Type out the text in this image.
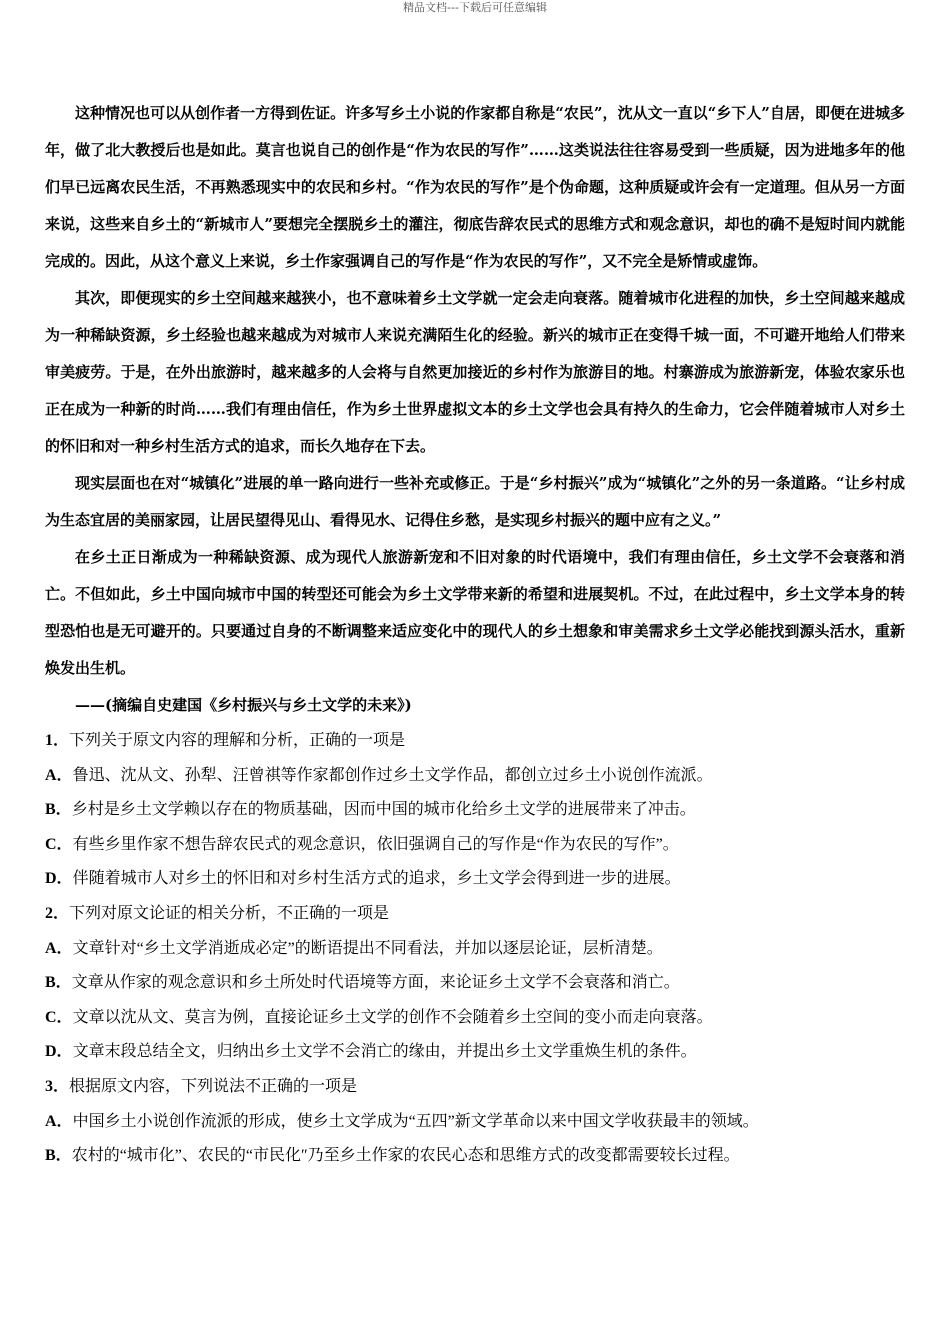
精品文档---下载后可任意编辑

这种情况也可以从创作者一方得到佐证。许多写乡土小说的作家都自称是“农民”，沈从文一直以“乡下人”自居，即便在进城多年，做了北大教授后也是如此。莫言也说自己的创作是“作为农民的写作”……这类说法往往容易受到一些质疑，因为进地多年的他们早已远离农民生活，不再熟悉现实中的农民和乡村。“作为农民的写作”是个伪命题，这种质疑或许会有一定道理。但从另一方面来说，这些来自乡土的“新城市人”要想完全摆脱乡土的灌注，彻底告辞农民式的思维方式和观念意识，却也的确不是短时间内就能完成的。因此，从这个意义上来说，乡土作家强调自己的写作是“作为农民的写作”，又不完全是矫情或虚饰。

其次，即便现实的乡土空间越来越狭小，也不意味着乡土文学就一定会走向衰落。随着城市化进程的加快，乡土空间越来越成为一种稀缺资源，乡土经验也越来越成为对城市人来说充满陌生化的经验。新兴的城市正在变得千城一面，不可避开地给人们带来审美疲劳。于是，在外出旅游时，越来越多的人会将与自然更加接近的乡村作为旅游目的地。村寨游成为旅游新宠，体验农家乐也正在成为一种新的时尚……我们有理由信任，作为乡土世界虚拟文本的乡土文学也会具有持久的生命力，它会伴随着城市人对乡土的怀旧和对一种乡村生活方式的追求，而长久地存在下去。

现实层面也在对“城镇化”进展的单一路向进行一些补充或修正。于是“乡村振兴”成为“城镇化”之外的另一条道路。“让乡村成为生态宜居的美丽家园，让居民望得见山、看得见水、记得住乡愁，是实现乡村振兴的题中应有之义。”

在乡土正日渐成为一种稀缺资源、成为现代人旅游新宠和不旧对象的时代语境中，我们有理由信任，乡土文学不会衰落和消亡。不但如此，乡土中国向城市中国的转型还可能会为乡土文学带来新的希望和进展契机。不过，在此过程中，乡土文学本身的转型恐怕也是无可避开的。只要通过自身的不断调整来适应变化中的现代人的乡土想象和审美需求乡土文学必能找到源头活水，重新焕发出生机。

——(摘编自史建国《乡村振兴与乡土文学的未来》)

1．下列关于原文内容的理解和分析，正确的一项是

A．鲁迅、沈从文、孙犁、汪曾祺等作家都创作过乡土文学作品，都创立过乡土小说创作流派。

B．乡村是乡土文学赖以存在的物质基础，因而中国的城市化给乡土文学的进展带来了冲击。

C．有些乡里作家不想告辞农民式的观念意识，依旧强调自己的写作是“作为农民的写作”。

D．伴随着城市人对乡土的怀旧和对乡村生活方式的追求，乡土文学会得到进一步的进展。

2．下列对原文论证的相关分析，不正确的一项是

A．文章针对“乡土文学消逝成必定”的断语提出不同看法，并加以逐层论证，层析清楚。

B．文章从作家的观念意识和乡土所处时代语境等方面，来论证乡土文学不会衰落和消亡。

C．文章以沈从文、莫言为例，直接论证乡土文学的创作不会随着乡土空间的变小而走向衰落。

D．文章末段总结全文，归纳出乡土文学不会消亡的缘由，并提出乡土文学重焕生机的条件。

3．根据原文内容，下列说法不正确的一项是

A．中国乡土小说创作流派的形成，使乡土文学成为“五四”新文学革命以来中国文学收获最丰的领域。

B．农村的“城市化”、农民的“市民化″乃至乡土作家的农民心态和思维方式的改变都需要较长过程。
